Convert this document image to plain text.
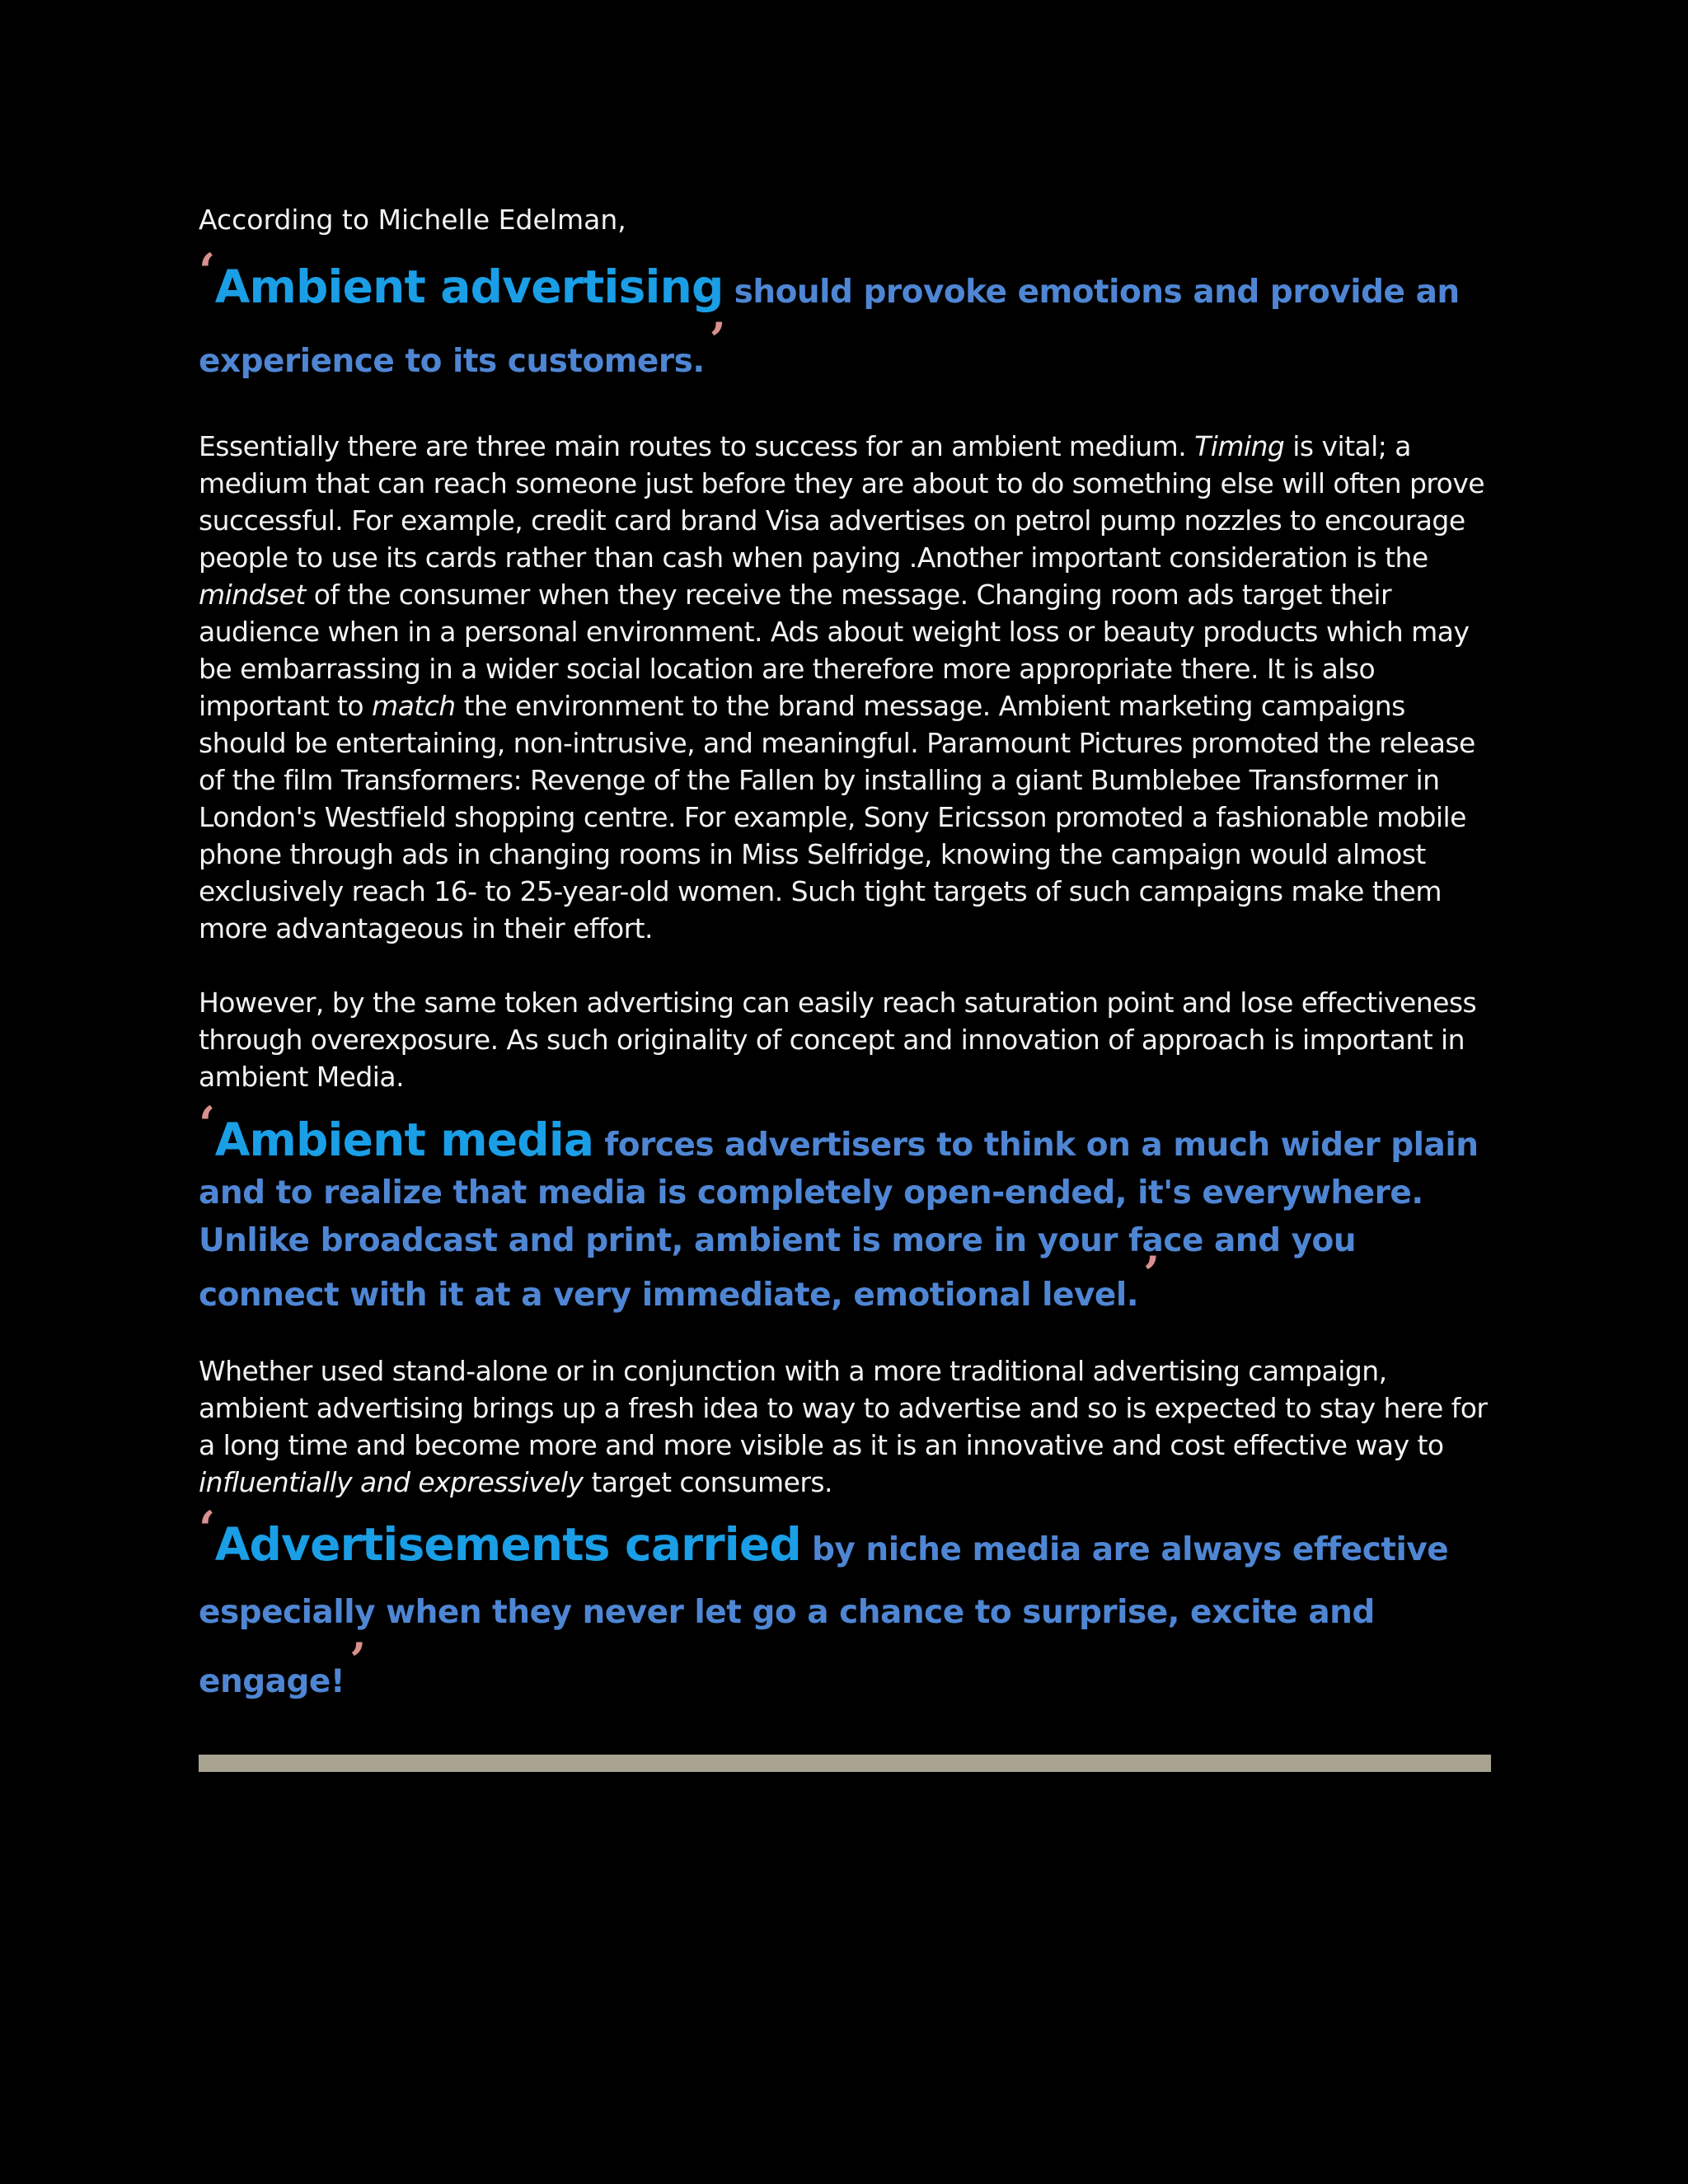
According to Michelle Edelman,

‘Ambient advertising should provoke emotions and provide an experience to its customers. ’

Essentially there are three main routes to success for an ambient medium. Timing is vital; a medium that can reach someone just before they are about to do something else will often prove successful. For example, credit card brand Visa advertises on petrol pump nozzles to encourage people to use its cards rather than cash when paying .Another important consideration is the mindset of the consumer when they receive the message. Changing room ads target their audience when in a personal environment. Ads about weight loss or beauty products which may be embarrassing in a wider social location are therefore more appropriate there. It is also important to match the environment to the brand message. Ambient marketing campaigns should be entertaining, non-intrusive, and meaningful. Paramount Pictures promoted the release of the film Transformers: Revenge of the Fallen by installing a giant Bumblebee Transformer in London's Westfield shopping centre. For example, Sony Ericsson promoted a fashionable mobile phone through ads in changing rooms in Miss Selfridge, knowing the campaign would almost exclusively reach 16- to 25-year-old women. Such tight targets of such campaigns make them more advantageous in their effort.

However, by the same token advertising can easily reach saturation point and lose effectiveness through overexposure. As such originality of concept and innovation of approach is important in ambient Media.

‘Ambient media forces advertisers to think on a much wider plain and to realize that media is completely open-ended, it's everywhere. Unlike broadcast and print, ambient is more in your face and you connect with it at a very immediate, emotional level. ’

Whether used stand-alone or in conjunction with a more traditional advertising campaign, ambient advertising brings up a fresh idea to way to advertise and so is expected to stay here for a long time and become more and more visible as it is an innovative and cost effective way to influentially and expressively target consumers.

‘Advertisements carried by niche media are always effective especially when they never let go a chance to surprise, excite and engage! ’
